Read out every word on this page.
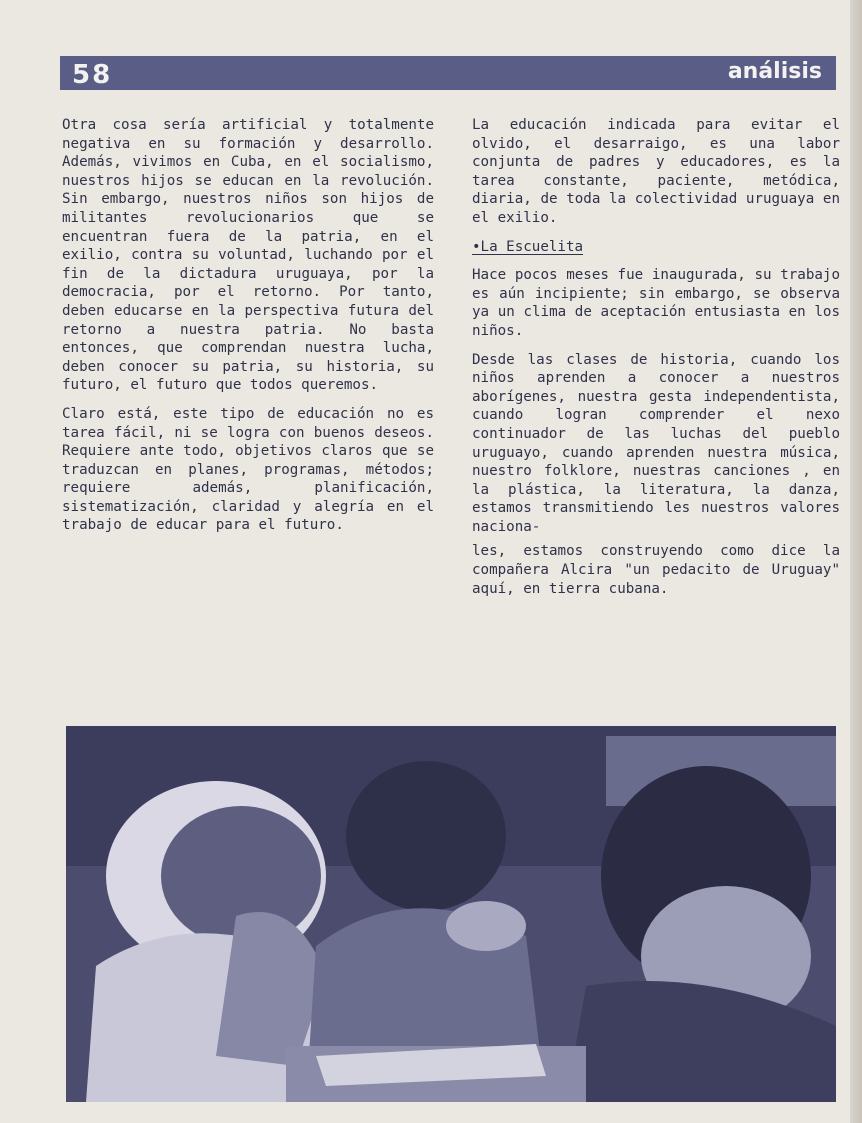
58	análisis

Otra cosa sería artificial y totalmente negativa en su formación y desarrollo. Además, vivimos en Cuba, en el socialismo, nuestros hijos se educan en la revolución. Sin embargo, nuestros niños son hijos de militantes revolucionarios que se encuentran fuera de la patria, en el exilio, contra su voluntad, luchando por el fin de la dictadura uruguaya, por la democracia, por el retorno. Por tanto, deben educarse en la perspectiva futura del retorno a nuestra patria. No basta entonces, que comprendan nuestra lucha, deben conocer su patria, su historia, su futuro, el futuro que todos queremos.

Claro está, este tipo de educación no es tarea fácil, ni se logra con buenos deseos. Requiere ante todo, objetivos claros que se traduzcan en planes, programas, métodos; requiere además, planificación, sistematización, claridad y alegría en el trabajo de educar para el futuro.

La educación indicada para evitar el olvido, el desarraigo, es una labor conjunta de padres y educadores, es la tarea constante, paciente, metódica, diaria, de toda la colectividad uruguaya en el exilio.

•La Escuelita

Hace pocos meses fue inaugurada, su trabajo es aún incipiente; sin embargo, se observa ya un clima de aceptación entusiasta en los niños.

Desde las clases de historia, cuando los niños aprenden a conocer a nuestros aborígenes, nuestra gesta independentista, cuando logran comprender el nexo continuador de las luchas del pueblo uruguayo, cuando aprenden nuestra música, nuestro folklore, nuestras canciones , en la plástica, la literatura, la danza, estamos transmitiendo les nuestros valores naciona-

les, estamos construyendo como dice la compañera Alcira "un pedacito de Uruguay" aquí, en tierra cubana.
